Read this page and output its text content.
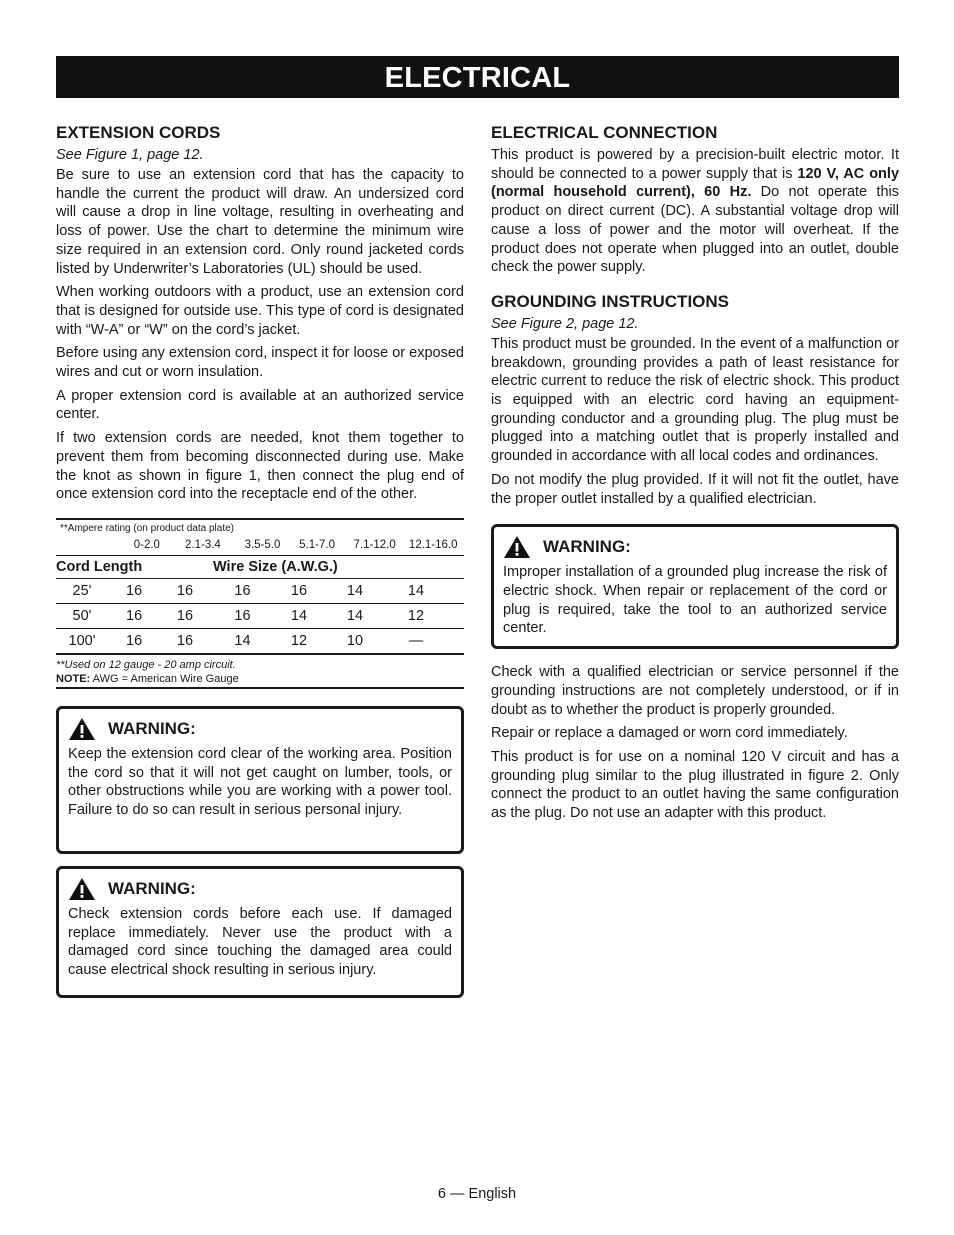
ELECTRICAL
EXTENSION CORDS
See Figure 1, page 12.

Be sure to use an extension cord that has the capacity to handle the current the product will draw. An undersized cord will cause a drop in line voltage, resulting in overheating and loss of power. Use the chart to determine the minimum wire size required in an extension cord. Only round jacketed cords listed by Underwriter’s Laboratories (UL) should be used.

When working outdoors with a product, use an extension cord that is designed for outside use. This type of cord is designated with “W-A” or “W” on the cord’s jacket.

Before using any extension cord, inspect it for loose or exposed wires and cut or worn insulation.

A proper extension cord is available at an authorized service center.

If two extension cords are needed, knot them together to prevent them from becoming disconnected during use. Make the knot as shown in figure 1, then connect the plug end of once extension cord into the receptacle end of the other.

**Ampere rating (on product data plate)
0-2.0	2.1-3.4	3.5-5.0	5.1-7.0	7.1-12.0	12.1-16.0
Cord Length	Wire Size (A.W.G.)
25'	16	16	16	16	14	14
50'	16	16	16	14	14	12
100'	16	16	14	12	10	—
**Used on 12 gauge - 20 amp circuit.
NOTE: AWG = American Wire Gauge
WARNING:

Keep the extension cord clear of the working area. Position the cord so that it will not get caught on lumber, tools, or other obstructions while you are working with a power tool. Failure to do so can result in serious personal injury.

WARNING:

Check extension cords before each use. If damaged replace immediately. Never use the product with a damaged cord since touching the damaged area could cause electrical shock resulting in serious injury.

ELECTRICAL CONNECTION

This product is powered by a precision-built electric motor. It should be connected to a power supply that is 120 V, AC only (normal household current), 60 Hz. Do not operate this product on direct current (DC). A substantial voltage drop will cause a loss of power and the motor will overheat. If the product does not operate when plugged into an outlet, double check the power supply.

GROUNDING INSTRUCTIONS
See Figure 2, page 12.

This product must be grounded. In the event of a malfunction or breakdown, grounding provides a path of least resistance for electric current to reduce the risk of electric shock. This product is equipped with an electric cord having an equipment-grounding conductor and a grounding plug. The plug must be plugged into a matching outlet that is properly installed and grounded in accordance with all local codes and ordinances.

Do not modify the plug provided. If it will not fit the outlet, have the proper outlet installed by a qualified electrician.

WARNING:

Improper installation of a grounded plug increase the risk of electric shock. When repair or replacement of the cord or plug is required, take the tool to an authorized service center.

Check with a qualified electrician or service personnel if the grounding instructions are not completely understood, or if in doubt as to whether the product is properly grounded.

Repair or replace a damaged or worn cord immediately.

This product is for use on a nominal 120 V circuit and has a grounding plug similar to the plug illustrated in figure 2. Only connect the product to an outlet having the same configuration as the plug. Do not use an adapter with this product.

6 — English
